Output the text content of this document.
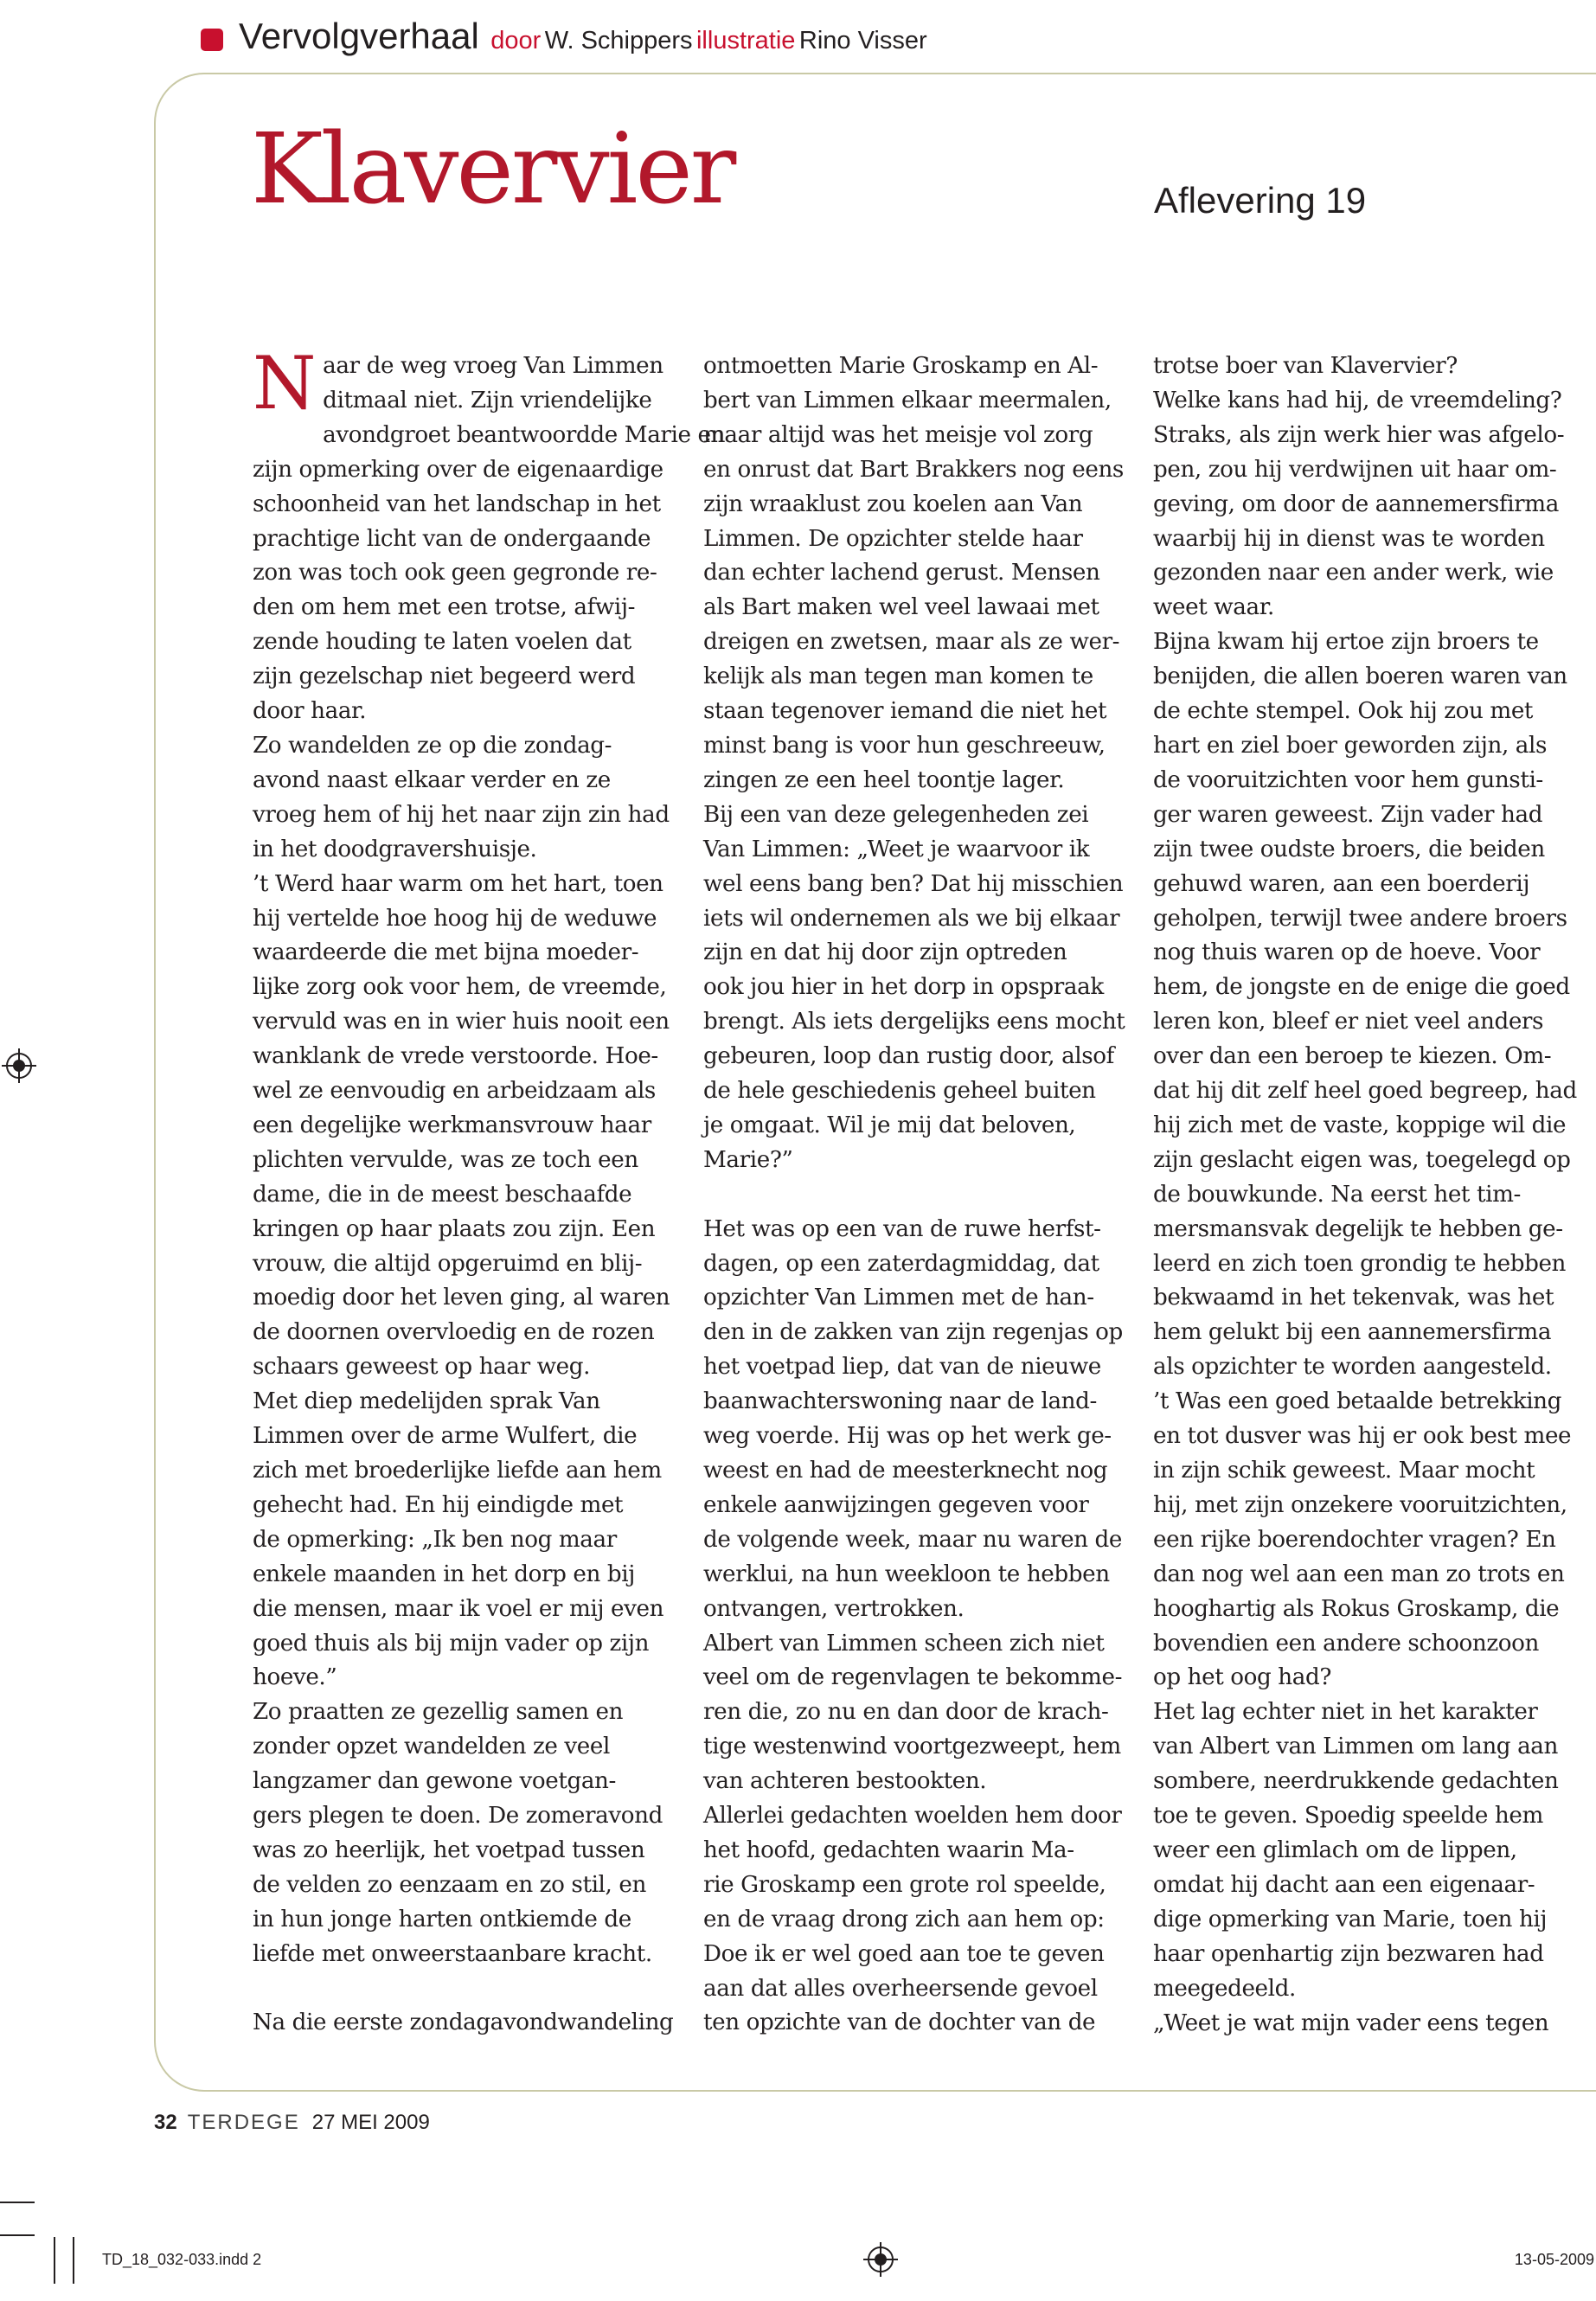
Vervolgverhaal door W. Schippers illustratie Rino Visser
Klavervier	Aflevering 19
N aar de weg vroeg Van Limmen

ditmaal niet. Zijn vriendelijke

avondgroet beantwoordde Marie en

zijn opmerking over de eigenaardige

schoonheid van het landschap in het

prachtige licht van de ondergaande

zon was toch ook geen gegronde re-

den om hem met een trotse, afwij-

zende houding te laten voelen dat

zijn gezelschap niet begeerd werd

door haar.

Zo wandelden ze op die zondag-

avond naast elkaar verder en ze

vroeg hem of hij het naar zijn zin had

in het doodgravershuisje.

’t Werd haar warm om het hart, toen

hij vertelde hoe hoog hij de weduwe

waardeerde die met bijna moeder-

lijke zorg ook voor hem, de vreemde,

vervuld was en in wier huis nooit een

wanklank de vrede verstoorde. Hoe-

wel ze eenvoudig en arbeidzaam als

een degelijke werkmansvrouw haar

plichten vervulde, was ze toch een

dame, die in de meest beschaafde

kringen op haar plaats zou zijn. Een

vrouw, die altijd opgeruimd en blij-

moedig door het leven ging, al waren

de doornen overvloedig en de rozen

schaars geweest op haar weg.

Met diep medelijden sprak Van

Limmen over de arme Wulfert, die

zich met broederlijke liefde aan hem

gehecht had. En hij eindigde met

de opmerking: „Ik ben nog maar

enkele maanden in het dorp en bij

die mensen, maar ik voel er mij even

goed thuis als bij mijn vader op zijn

hoeve.”

Zo praatten ze gezellig samen en

zonder opzet wandelden ze veel

langzamer dan gewone voetgan-

gers plegen te doen. De zomeravond

was zo heerlijk, het voetpad tussen

de velden zo eenzaam en zo stil, en

in hun jonge harten ontkiemde de

liefde met onweerstaanbare kracht.

Na die eerste zondagavondwandeling

ontmoetten Marie Groskamp en Al-

bert van Limmen elkaar meermalen,

maar altijd was het meisje vol zorg

en onrust dat Bart Brakkers nog eens

zijn wraaklust zou koelen aan Van

Limmen. De opzichter stelde haar

dan echter lachend gerust. Mensen

als Bart maken wel veel lawaai met

dreigen en zwetsen, maar als ze wer-

kelijk als man tegen man komen te

staan tegenover iemand die niet het

minst bang is voor hun geschreeuw,

zingen ze een heel toontje lager.

Bij een van deze gelegenheden zei

Van Limmen: „Weet je waarvoor ik

wel eens bang ben? Dat hij misschien

iets wil ondernemen als we bij elkaar

zijn en dat hij door zijn optreden

ook jou hier in het dorp in opspraak

brengt. Als iets dergelijks eens mocht

gebeuren, loop dan rustig door, alsof

de hele geschiedenis geheel buiten

je omgaat. Wil je mij dat beloven,

Marie?”

Het was op een van de ruwe herfst-

dagen, op een zaterdagmiddag, dat

opzichter Van Limmen met de han-

den in de zakken van zijn regenjas op

het voetpad liep, dat van de nieuwe

baanwachterswoning naar de land-

weg voerde. Hij was op het werk ge-

weest en had de meesterknecht nog

enkele aanwijzingen gegeven voor

de volgende week, maar nu waren de

werklui, na hun weekloon te hebben

ontvangen, vertrokken.

Albert van Limmen scheen zich niet

veel om de regenvlagen te bekomme-

ren die, zo nu en dan door de krach-

tige westenwind voortgezweept, hem

van achteren bestookten.

Allerlei gedachten woelden hem door

het hoofd, gedachten waarin Ma-

rie Groskamp een grote rol speelde,

en de vraag drong zich aan hem op:

Doe ik er wel goed aan toe te geven

aan dat alles overheersende gevoel

ten opzichte van de dochter van de

trotse boer van Klavervier?

Welke kans had hij, de vreemdeling?

Straks, als zijn werk hier was afgelo-

pen, zou hij verdwijnen uit haar om-

geving, om door de aannemersfirma

waarbij hij in dienst was te worden

gezonden naar een ander werk, wie

weet waar.

Bijna kwam hij ertoe zijn broers te

benijden, die allen boeren waren van

de echte stempel. Ook hij zou met

hart en ziel boer geworden zijn, als

de vooruitzichten voor hem gunsti-

ger waren geweest. Zijn vader had

zijn twee oudste broers, die beiden

gehuwd waren, aan een boerderij

geholpen, terwijl twee andere broers

nog thuis waren op de hoeve. Voor

hem, de jongste en de enige die goed

leren kon, bleef er niet veel anders

over dan een beroep te kiezen. Om-

dat hij dit zelf heel goed begreep, had

hij zich met de vaste, koppige wil die

zijn geslacht eigen was, toegelegd op

de bouwkunde. Na eerst het tim-

mersmansvak degelijk te hebben ge-

leerd en zich toen grondig te hebben

bekwaamd in het tekenvak, was het

hem gelukt bij een aannemersfirma

als opzichter te worden aangesteld.

’t Was een goed betaalde betrekking

en tot dusver was hij er ook best mee

in zijn schik geweest. Maar mocht

hij, met zijn onzekere vooruitzichten,

een rijke boerendochter vragen? En

dan nog wel aan een man zo trots en

hooghartig als Rokus Groskamp, die

bovendien een andere schoonzoon

op het oog had?

Het lag echter niet in het karakter

van Albert van Limmen om lang aan

sombere, neerdrukkende gedachten

toe te geven. Spoedig speelde hem

weer een glimlach om de lippen,

omdat hij dacht aan een eigenaar-

dige opmerking van Marie, toen hij

haar openhartig zijn bezwaren had

meegedeeld.

„Weet je wat mijn vader eens tegen

32 TERDEGE 27 MEI 2009
TD_18_032-033.indd 2	13-05-2009
